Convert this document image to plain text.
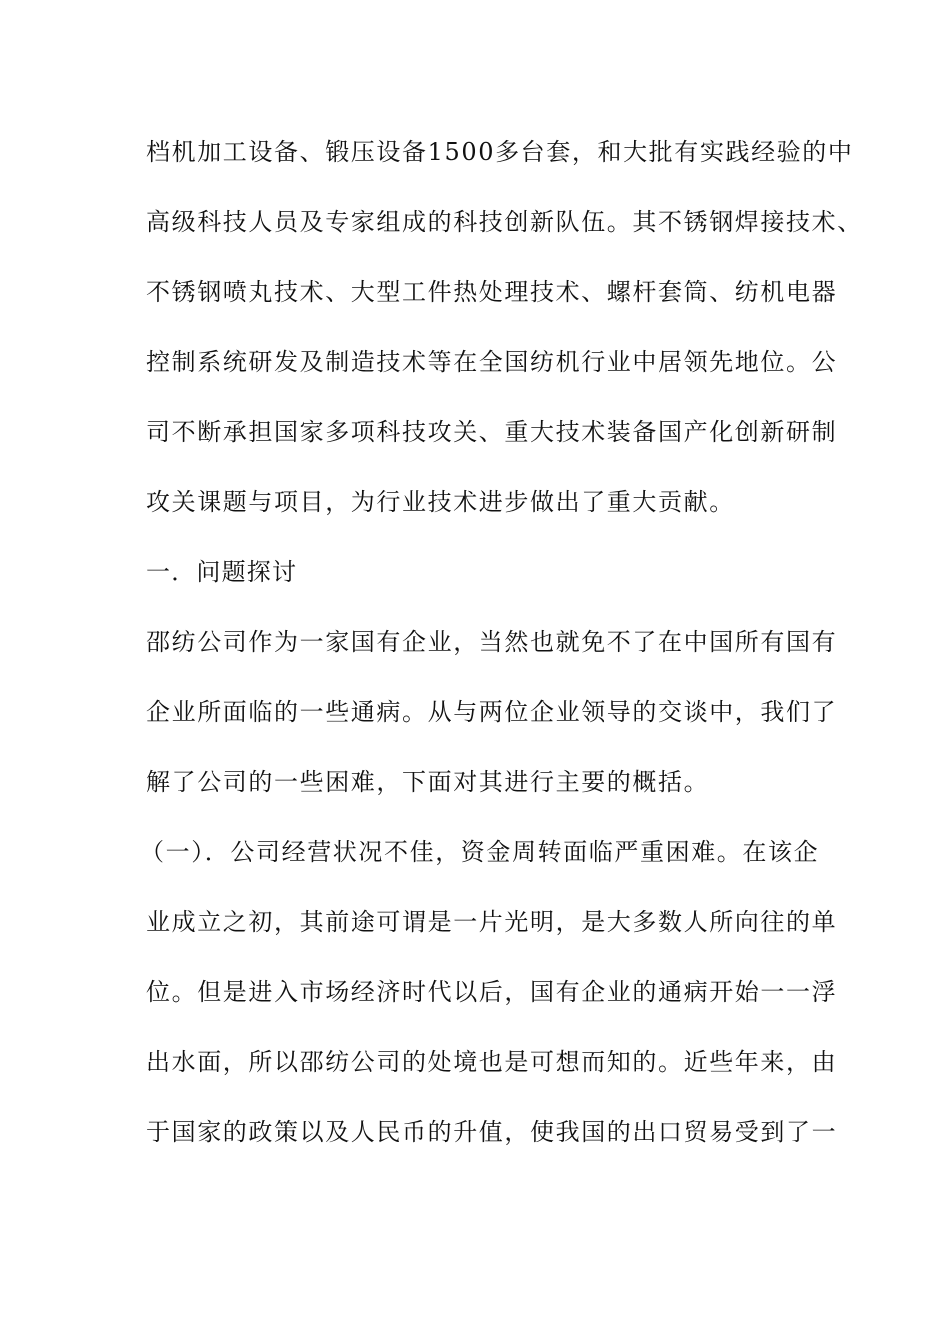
档机加工设备、锻压设备1500多台套，和大批有实践经验的中
高级科技人员及专家组成的科技创新队伍。其不锈钢焊接技术、
不锈钢喷丸技术、大型工件热处理技术、螺杆套筒、纺机电器
控制系统研发及制造技术等在全国纺机行业中居领先地位。公
司不断承担国家多项科技攻关、重大技术装备国产化创新研制
攻关课题与项目，为行业技术进步做出了重大贡献。
一．问题探讨
邵纺公司作为一家国有企业，当然也就免不了在中国所有国有
企业所面临的一些通病。从与两位企业领导的交谈中，我们了
解了公司的一些困难，下面对其进行主要的概括。
（一）．公司经营状况不佳，资金周转面临严重困难。在该企
业成立之初，其前途可谓是一片光明，是大多数人所向往的单
位。但是进入市场经济时代以后，国有企业的通病开始一一浮
出水面，所以邵纺公司的处境也是可想而知的。近些年来，由
于国家的政策以及人民币的升值，使我国的出口贸易受到了一
